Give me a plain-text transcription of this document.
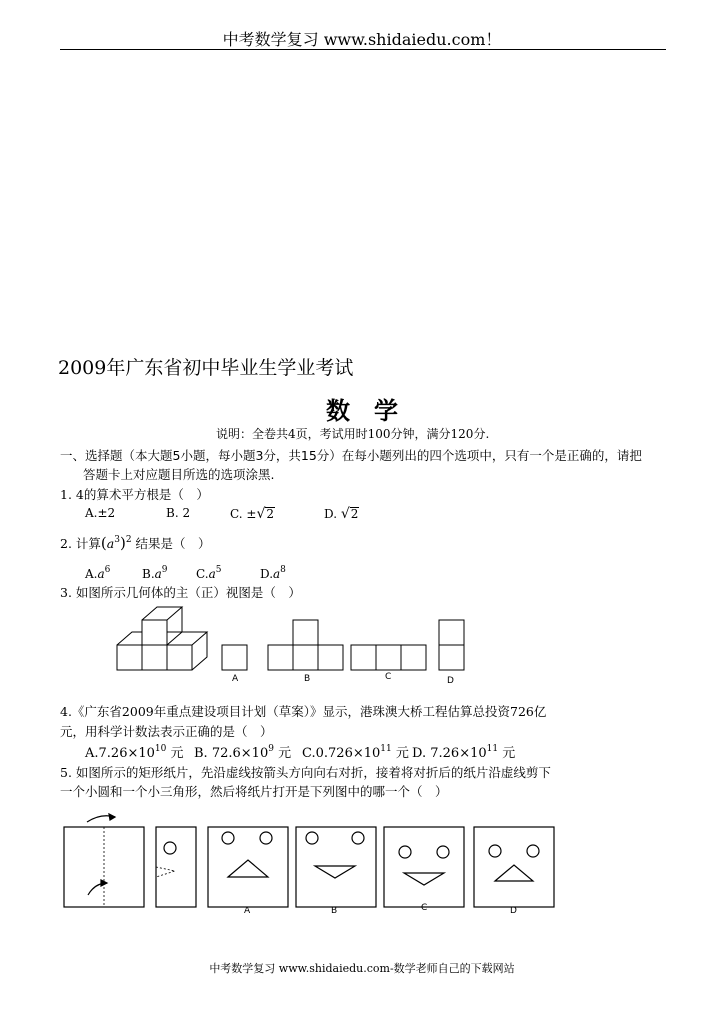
中考数学复习 www.shidaiedu.com！
2009年广东省初中毕业生学业考试
数　学
说明：全卷共4页，考试用时100分钟，满分120分.
一、选择题（本大题5小题，每小题3分，共15分）在每小题列出的四个选项中，只有一个是正确的，请把
答题卡上对应题目所选的选项涂黑.
1. 4的算术平方根是（　）
A.±2	B. 2	C. ±√2	D. √2
2. 计算$(a^3)^2$ 结果是（　）
$A.a^6$	$B.a^9$ $C.a^5$	$D.a^8$
3. 如图所示几何体的主（正）视图是（　）
A	B	C	D
4.《广东省2009年重点建设项目计划（草案）》显示，港珠澳大桥工程估算总投资726亿
元，用科学计数法表示正确的是（　）
$A.7.26\times 10^{10}$ 元 B. $72.6\times 10^9$ 元 $C.0.726\times 10^{11}$ 元 D. $7.26\times 10^{11}$ 元
5. 如图所示的矩形纸片，先沿虚线按箭头方向向右对折，接着将对折后的纸片沿虚线剪下
一个小圆和一个小三角形，然后将纸片打开是下列图中的哪一个（　）
A	B	C	D
中考数学复习 www.shidaiedu.com-数学老师自己的下载网站
